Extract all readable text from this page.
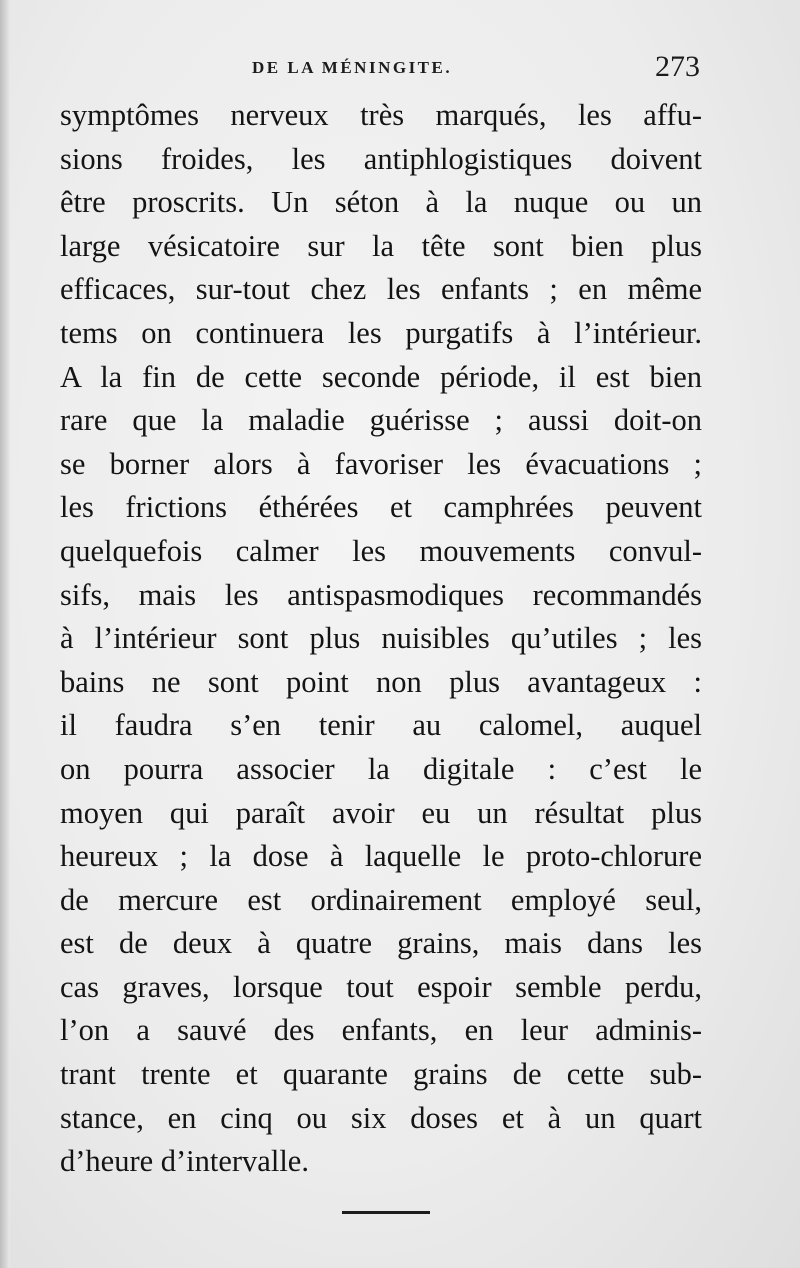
DE LA MÉNINGITE.	273
symptômes nerveux très marqués, les affu-
sions froides, les antiphlogistiques doivent
être proscrits. Un séton à la nuque ou un
large vésicatoire sur la tête sont bien plus
efficaces, sur-tout chez les enfants ; en même
tems on continuera les purgatifs à l’intérieur.
A la fin de cette seconde période, il est bien
rare que la maladie guérisse ; aussi doit-on
se borner alors à favoriser les évacuations ;
les frictions éthérées et camphrées peuvent
quelquefois calmer les mouvements convul-
sifs, mais les antispasmodiques recommandés
à l’intérieur sont plus nuisibles qu’utiles ; les
bains ne sont point non plus avantageux :
il faudra s’en tenir au calomel, auquel
on pourra associer la digitale : c’est le
moyen qui paraît avoir eu un résultat plus
heureux ; la dose à laquelle le proto-chlorure
de mercure est ordinairement employé seul,
est de deux à quatre grains, mais dans les
cas graves, lorsque tout espoir semble perdu,
l’on a sauvé des enfants, en leur adminis-
trant trente et quarante grains de cette sub-
stance, en cinq ou six doses et à un quart
d’heure d’intervalle.
